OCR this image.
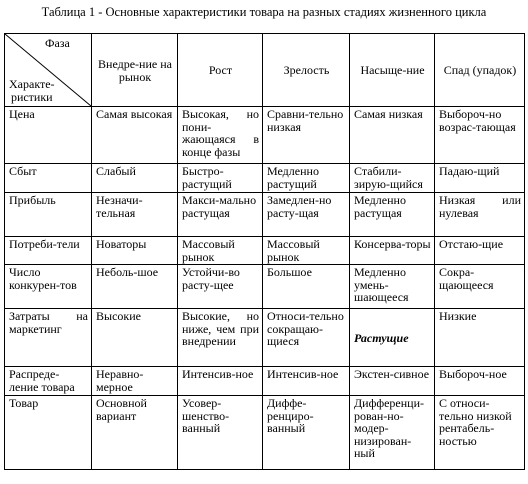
Таблица 1 - Основные характеристики товара на разных стадиях жизненного цикла
Фаза
Характе-
ристики	Внедре-ние на рынок	Рост	Зрелость	Насыще-ние	Спад (упадок)
Цена	Самая высокая	Высокая, но пони-жающаяся в конце фазы	Сравни-тельно низкая	Самая низкая	Выбороч-но возрас-тающая
Сбыт	Слабый	Быстро-растущий	Медленно растущий	Стабили-зирую-щийся	Падаю-щий
Прибыль	Незначи-тельная	Макси-мально растущая	Замедлен-но расту-щая	Медленно растущая	Низкая или нулевая
Потреби-тели	Новаторы	Массовый рынок	Массовый рынок	Консерва-торы	Отстаю-щие
Число конкурен-тов	Неболь-шое	Устойчи-во расту-щее	Большое	Медленно умень-шающееся	Сокра-щающееся
Затраты на маркетинг	Высокие	Высокие, но ниже, чем при внедрении	Относи-тельно сокращаю-щиеся	Растущие	Низкие
Распреде-ление товара	Неравно-мерное	Интенсив-ное	Интенсив-ное	Экстен-сивное	Выбороч-ное
Товар	Основной вариант	Усовер-шенство-ванный	Диффе-ренциро-ванный	Дифференци-рован-но-модер-низирован-ный	С относи-тельно низкой рентабель-ностью
